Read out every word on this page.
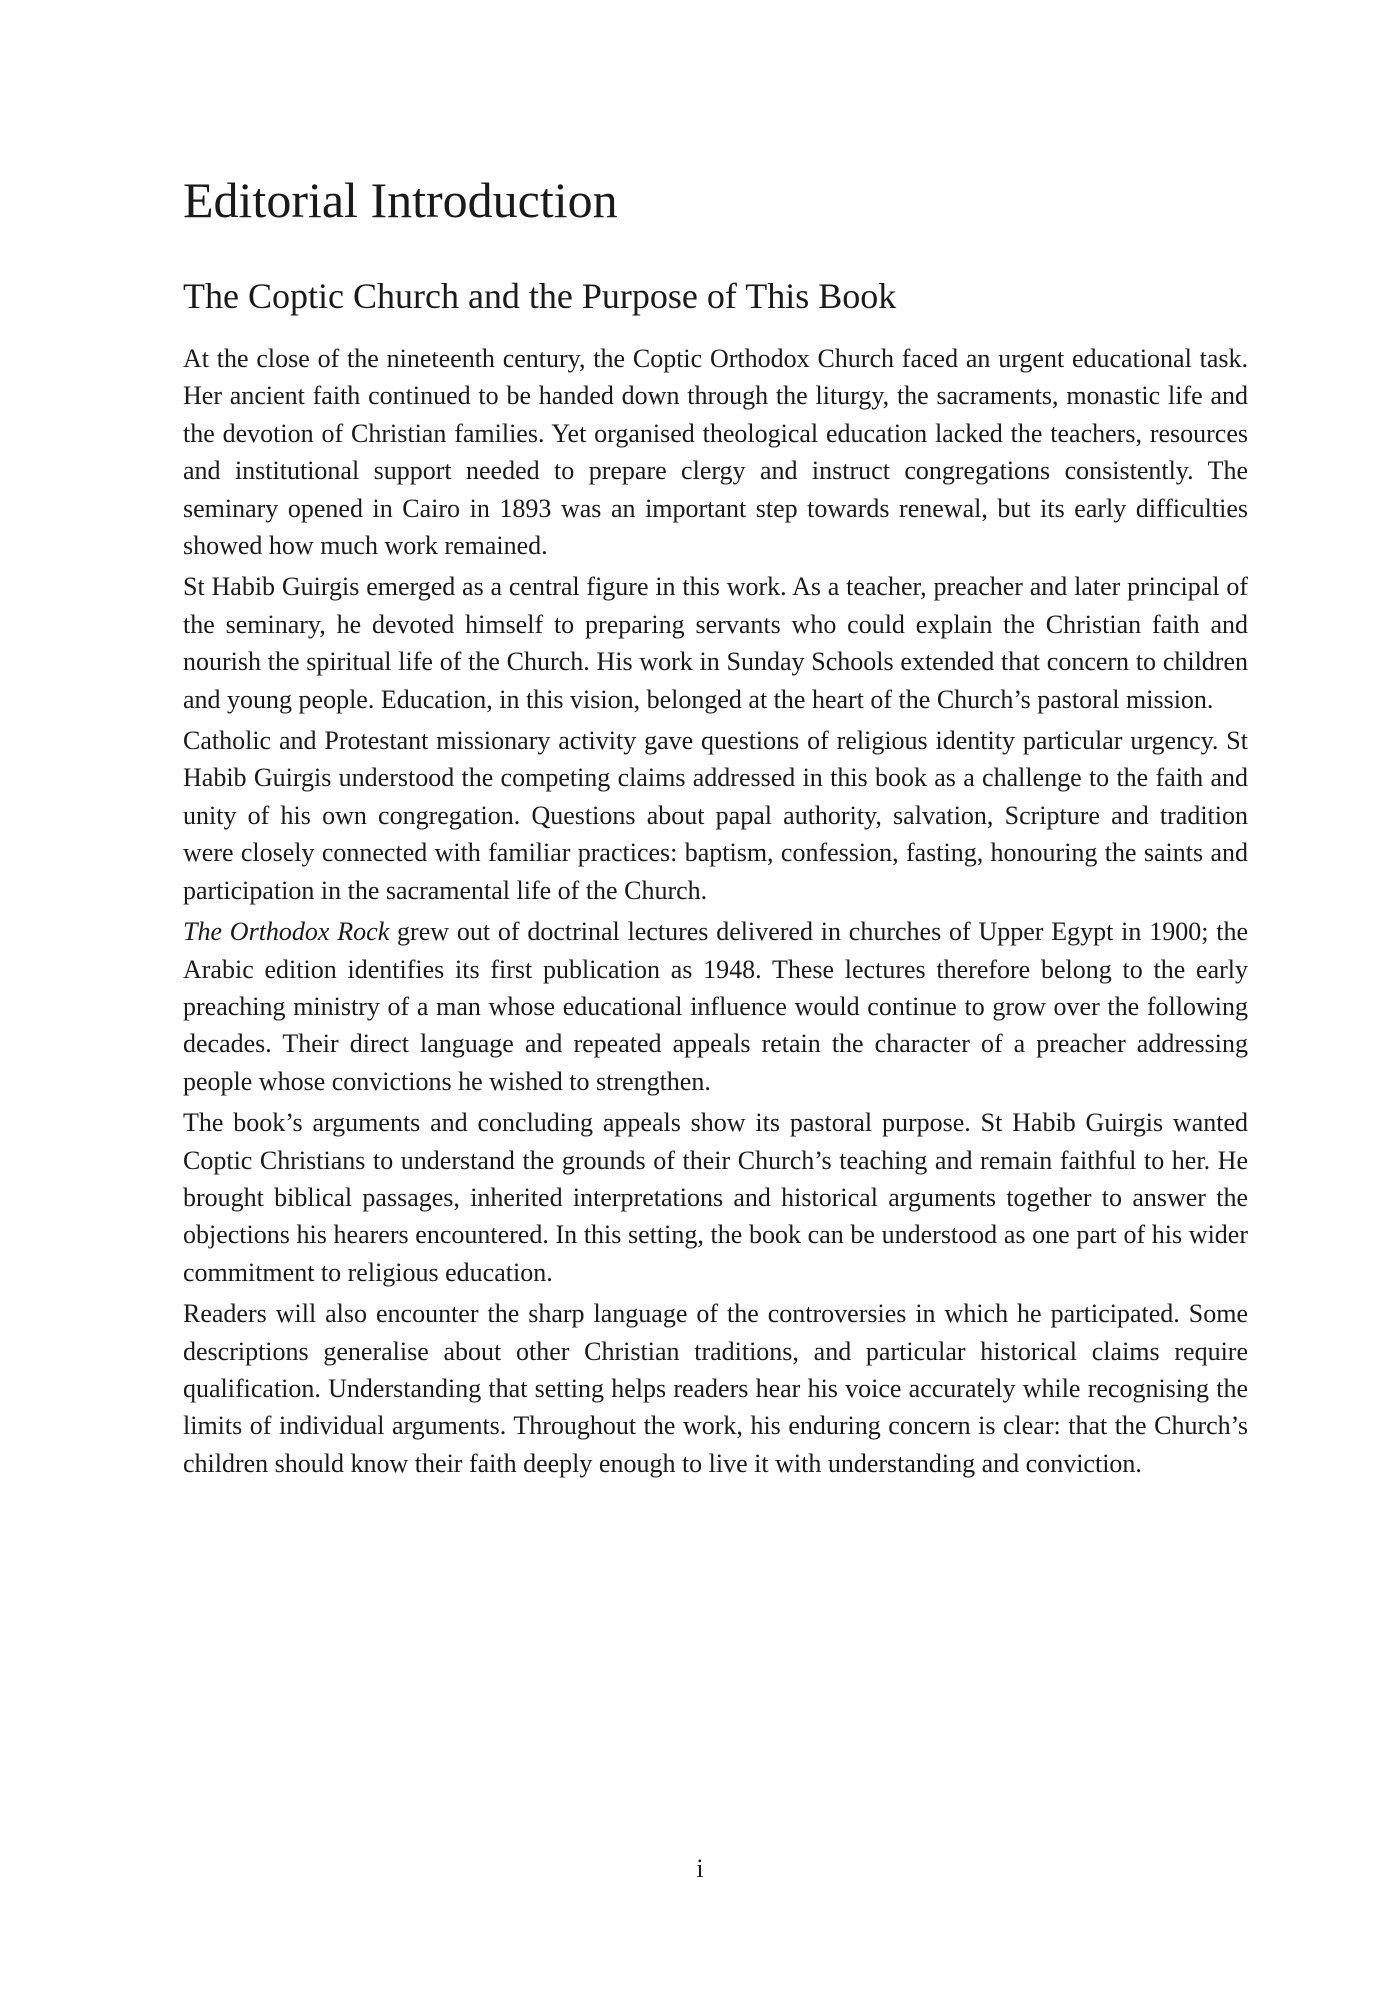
Editorial Introduction
The Coptic Church and the Purpose of This Book

At the close of the nineteenth century, the Coptic Orthodox Church faced an urgent educational task. Her ancient faith continued to be handed down through the liturgy, the sacraments, monastic life and the devotion of Christian families. Yet organised theological education lacked the teachers, resources and institutional support needed to prepare clergy and instruct congregations consistently. The seminary opened in Cairo in 1893 was an important step towards renewal, but its early difficulties showed how much work remained.

St Habib Guirgis emerged as a central figure in this work. As a teacher, preacher and later principal of the seminary, he devoted himself to preparing servants who could explain the Christian faith and nourish the spiritual life of the Church. His work in Sunday Schools extended that concern to children and young people. Education, in this vision, belonged at the heart of the Church’s pastoral mission.

Catholic and Protestant missionary activity gave questions of religious identity particular urgency. St Habib Guirgis understood the competing claims addressed in this book as a challenge to the faith and unity of his own congregation. Questions about papal authority, salvation, Scripture and tradition were closely connected with familiar practices: baptism, confession, fasting, honouring the saints and participation in the sacramental life of the Church.

The Orthodox Rock grew out of doctrinal lectures delivered in churches of Upper Egypt in 1900; the Arabic edition identifies its first publication as 1948. These lectures therefore belong to the early preaching ministry of a man whose educational influence would continue to grow over the following decades. Their direct language and repeated appeals retain the character of a preacher addressing people whose convictions he wished to strengthen.

The book’s arguments and concluding appeals show its pastoral purpose. St Habib Guirgis wanted Coptic Christians to understand the grounds of their Church’s teaching and remain faithful to her. He brought biblical passages, inherited interpretations and historical arguments together to answer the objections his hearers encountered. In this setting, the book can be understood as one part of his wider commitment to religious education.

Readers will also encounter the sharp language of the controversies in which he participated. Some descriptions generalise about other Christian traditions, and particular historical claims require qualification. Understanding that setting helps readers hear his voice accurately while recognising the limits of individual arguments. Throughout the work, his enduring concern is clear: that the Church’s children should know their faith deeply enough to live it with understanding and conviction.

i
